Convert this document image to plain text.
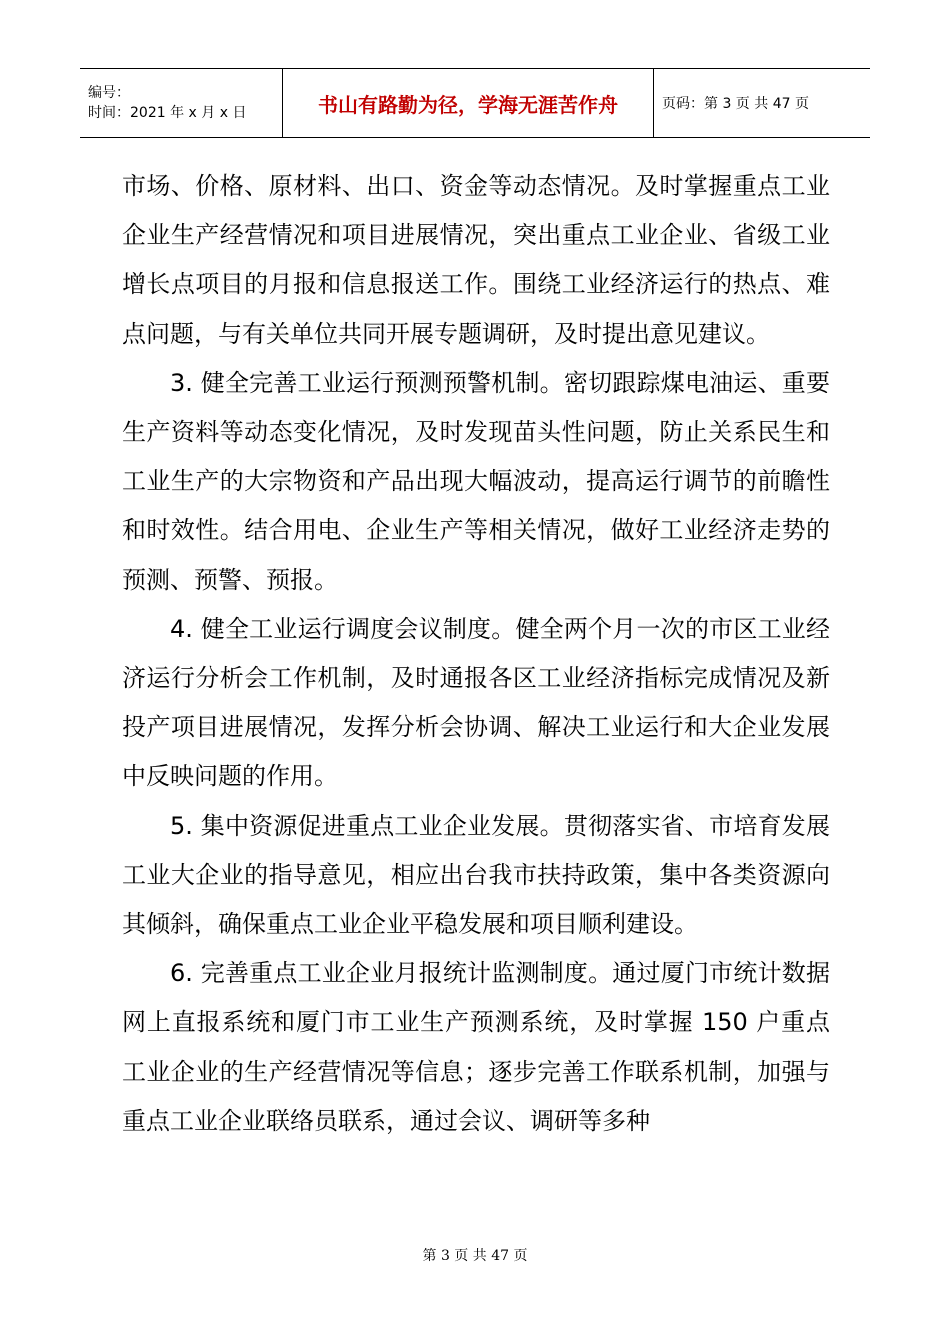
编号：
时间：2021 年 x 月 x 日	书山有路勤为径，学海无涯苦作舟	页码：第 3 页 共 47 页

市场、价格、原材料、出口、资金等动态情况。及时掌握重点工业企业生产经营情况和项目进展情况，突出重点工业企业、省级工业增长点项目的月报和信息报送工作。围绕工业经济运行的热点、难点问题，与有关单位共同开展专题调研，及时提出意见建议。

3. 健全完善工业运行预测预警机制。密切跟踪煤电油运、重要生产资料等动态变化情况，及时发现苗头性问题，防止关系民生和工业生产的大宗物资和产品出现大幅波动，提高运行调节的前瞻性和时效性。结合用电、企业生产等相关情况，做好工业经济走势的预测、预警、预报。

4. 健全工业运行调度会议制度。健全两个月一次的市区工业经济运行分析会工作机制，及时通报各区工业经济指标完成情况及新投产项目进展情况，发挥分析会协调、解决工业运行和大企业发展中反映问题的作用。

5. 集中资源促进重点工业企业发展。贯彻落实省、市培育发展工业大企业的指导意见，相应出台我市扶持政策，集中各类资源向其倾斜，确保重点工业企业平稳发展和项目顺利建设。

6. 完善重点工业企业月报统计监测制度。通过厦门市统计数据网上直报系统和厦门市工业生产预测系统，及时掌握 150 户重点工业企业的生产经营情况等信息；逐步完善工作联系机制，加强与重点工业企业联络员联系，通过会议、调研等多种

第 3 页 共 47 页
